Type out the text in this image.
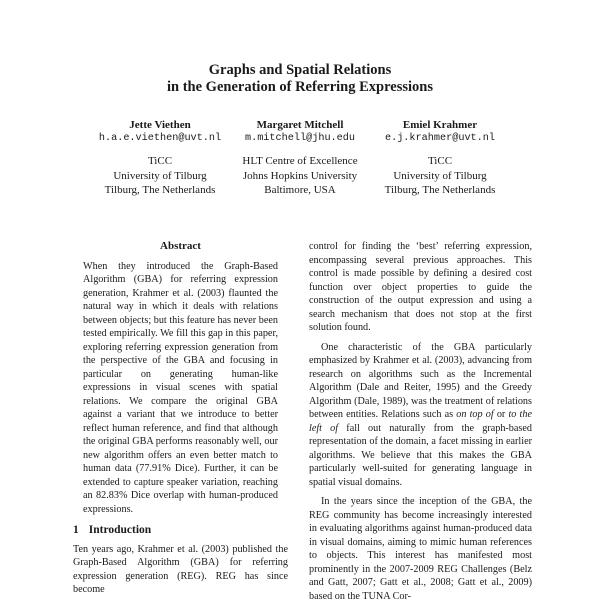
Graphs and Spatial Relations
in the Generation of Referring Expressions
Jette Viethen
h.a.e.viethen@uvt.nl
TiCC
University of Tilburg
Tilburg, The Netherlands
Margaret Mitchell
m.mitchell@jhu.edu
HLT Centre of Excellence
Johns Hopkins University
Baltimore, USA
Emiel Krahmer
e.j.krahmer@uvt.nl
TiCC
University of Tilburg
Tilburg, The Netherlands
Abstract

When they introduced the Graph-Based Algorithm (GBA) for referring expression generation, Krahmer et al. (2003) flaunted the natural way in which it deals with relations between objects; but this feature has never been tested empirically. We fill this gap in this paper, exploring referring expression generation from the perspective of the GBA and focusing in particular on generating human-like expressions in visual scenes with spatial relations. We compare the original GBA against a variant that we introduce to better reflect human reference, and find that although the original GBA performs reasonably well, our new algorithm offers an even better match to human data (77.91% Dice). Further, it can be extended to capture speaker variation, reaching an 82.83% Dice overlap with human-produced expressions.

1 Introduction

Ten years ago, Krahmer et al. (2003) published the Graph-Based Algorithm (GBA) for referring expression generation (REG). REG has since become

control for finding the ‘best’ referring expression, encompassing several previous approaches. This control is made possible by defining a desired cost function over object properties to guide the construction of the output expression and using a search mechanism that does not stop at the first solution found.

One characteristic of the GBA particularly emphasized by Krahmer et al. (2003), advancing from research on algorithms such as the Incremental Algorithm (Dale and Reiter, 1995) and the Greedy Algorithm (Dale, 1989), was the treatment of relations between entities. Relations such as on top of or to the left of fall out naturally from the graph-based representation of the domain, a facet missing in earlier algorithms. We believe that this makes the GBA particularly well-suited for generating language in spatial visual domains.

In the years since the inception of the GBA, the REG community has become increasingly interested in evaluating algorithms against human-produced data in visual domains, aiming to mimic human references to objects. This interest has manifested most prominently in the 2007-2009 REG Challenges (Belz and Gatt, 2007; Gatt et al., 2008; Gatt et al., 2009) based on the TUNA Cor-
